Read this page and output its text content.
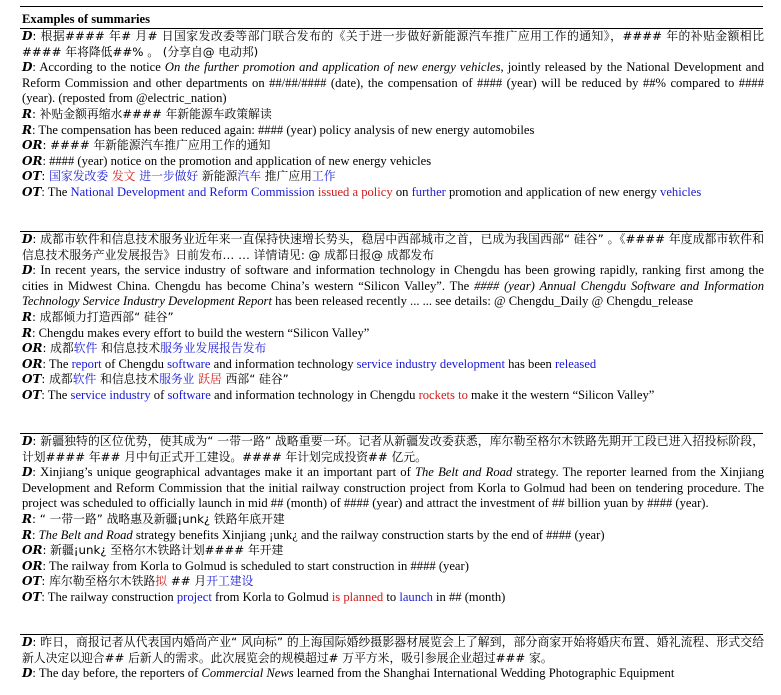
Examples of summaries

D: 根据#### 年# 月# 日国家发改委等部门联合发布的《关于进一步做好新能源汽车推广应用工作的通知》，#### 年的补贴金额相比#### 年将降低##% 。 (分享自@ 电动邦)

D: According to the notice On the further promotion and application of new energy vehicles, jointly released by the National Development and Reform Commission and other departments on ##/##/#### (date), the compensation of #### (year) will be reduced by ##% compared to #### (year). (reposted from @electric_nation)

R: 补贴金额再缩水#### 年新能源车政策解读

R: The compensation has been reduced again: #### (year) policy analysis of new energy automobiles

OR: #### 年新能源汽车推广应用工作的通知

OR: #### (year) notice on the promotion and application of new energy vehicles

OT: 国家发改委 发文 进一步做好 新能源汽车 推广应用工作

OT: The National Development and Reform Commission issued a policy on further promotion and application of new energy vehicles

D: 成都市软件和信息技术服务业近年来一直保持快速增长势头，稳居中西部城市之首，已成为我国西部“ 硅谷” 。《#### 年度成都市软件和信息技术服务产业发展报告》日前发布… … 详情请见: @ 成都日报@ 成都发布

D: In recent years, the service industry of software and information technology in Chengdu has been growing rapidly, ranking first among the cities in Midwest China. Chengdu has become China’s western “Silicon Valley”. The #### (year) Annual Chengdu Software and Information Technology Service Industry Development Report has been released recently ... ... see details: @ Chengdu_Daily @ Chengdu_release

R: 成都倾力打造西部“ 硅谷”

R: Chengdu makes every effort to build the western “Silicon Valley”

OR: 成都软件 和信息技术服务业发展报告发布

OR: The report of Chengdu software and information technology service industry development has been released

OT: 成都软件 和信息技术服务业 跃居 西部“ 硅谷”

OT: The service industry of software and information technology in Chengdu rockets to make it the western “Silicon Valley”

D: 新疆独特的区位优势，使其成为“ 一带一路” 战略重要一环。记者从新疆发改委获悉，库尔勒至格尔木铁路先期开工段已进入招投标阶段，计划#### 年## 月中旬正式开工建设。#### 年计划完成投资## 亿元。

D: Xinjiang’s unique geographical advantages make it an important part of The Belt and Road strategy. The reporter learned from the Xinjiang Development and Reform Commission that the initial railway construction project from Korla to Golmud had been on tendering procedure. The project was scheduled to officially launch in mid ## (month) of #### (year) and attract the investment of ## billion yuan by #### (year).

R: “ 一带一路” 战略惠及新疆¡unk¿ 铁路年底开建

R: The Belt and Road strategy benefits Xinjiang ¡unk¿ and the railway construction starts by the end of #### (year)

OR: 新疆¡unk¿ 至格尔木铁路计划#### 年开建

OR: The railway from Korla to Golmud is scheduled to start construction in #### (year)

OT: 库尔勒至格尔木铁路拟 ## 月开工建设

OT: The railway construction project from Korla to Golmud is planned to launch in ## (month)

D: 昨日，商报记者从代表国内婚尚产业“ 风向标” 的上海国际婚纱摄影器材展览会上了解到，部分商家开始将婚庆布置、婚礼流程、形式交给新人决定以迎合## 后新人的需求。此次展览会的规模超过# 万平方米，吸引参展企业超过### 家。

D: The day before, the reporters of Commercial News learned from the Shanghai International Wedding Photographic Equipment
